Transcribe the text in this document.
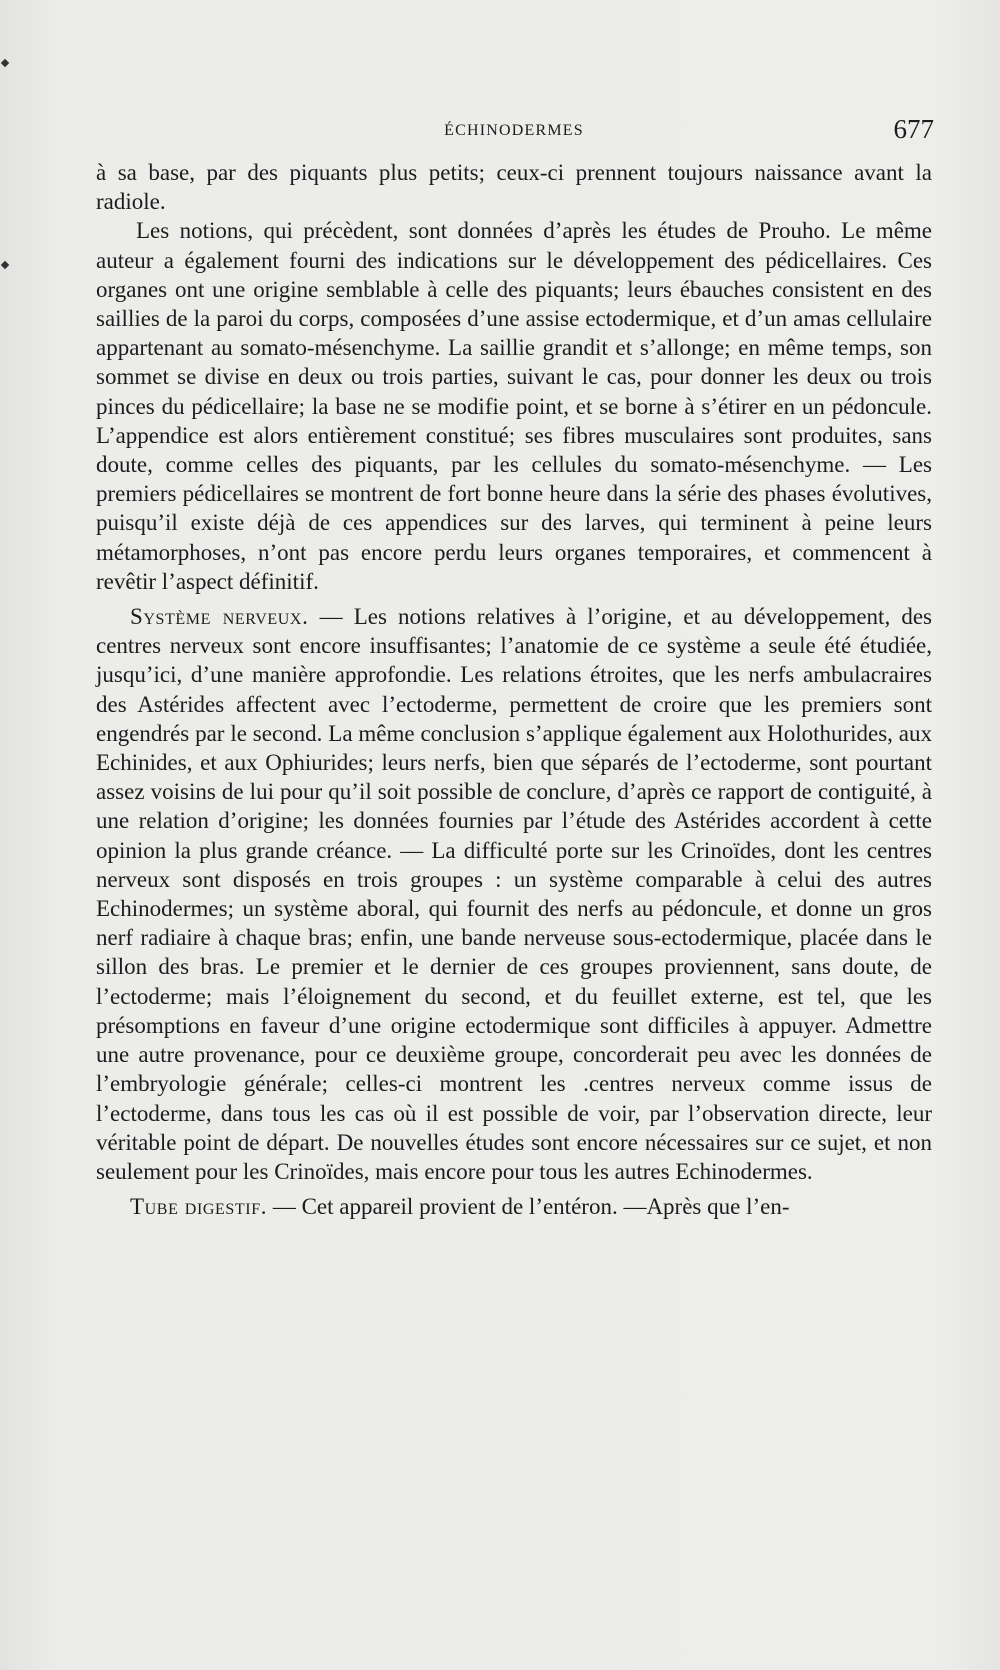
ÉCHINODERMES	677

à sa base, par des piquants plus petits; ceux-ci prennent toujours naissance avant la radiole.

Les notions, qui précèdent, sont données d’après les études de Prouho. Le même auteur a également fourni des indications sur le développement des pédicellaires. Ces organes ont une origine semblable à celle des piquants; leurs ébauches consistent en des saillies de la paroi du corps, composées d’une assise ectodermique, et d’un amas cellulaire appartenant au somato-mésenchyme. La saillie grandit et s’allonge; en même temps, son sommet se divise en deux ou trois parties, suivant le cas, pour donner les deux ou trois pinces du pédicellaire; la base ne se modifie point, et se borne à s’étirer en un pédoncule. L’appendice est alors entièrement constitué; ses fibres musculaires sont produites, sans doute, comme celles des piquants, par les cellules du somato-mésenchyme. — Les premiers pédicellaires se montrent de fort bonne heure dans la série des phases évolutives, puisqu’il existe déjà de ces appendices sur des larves, qui terminent à peine leurs métamorphoses, n’ont pas encore perdu leurs organes temporaires, et commencent à revêtir l’aspect définitif.

Système nerveux. — Les notions relatives à l’origine, et au développement, des centres nerveux sont encore insuffisantes; l’anatomie de ce système a seule été étudiée, jusqu’ici, d’une manière approfondie. Les relations étroites, que les nerfs ambulacraires des Astérides affectent avec l’ectoderme, permettent de croire que les premiers sont engendrés par le second. La même conclusion s’applique également aux Holothurides, aux Echinides, et aux Ophiurides; leurs nerfs, bien que séparés de l’ectoderme, sont pourtant assez voisins de lui pour qu’il soit possible de conclure, d’après ce rapport de contiguité, à une relation d’origine; les données fournies par l’étude des Astérides accordent à cette opinion la plus grande créance. — La difficulté porte sur les Crinoïdes, dont les centres nerveux sont disposés en trois groupes : un système comparable à celui des autres Echinodermes; un système aboral, qui fournit des nerfs au pédoncule, et donne un gros nerf radiaire à chaque bras; enfin, une bande nerveuse sous-ectodermique, placée dans le sillon des bras. Le premier et le dernier de ces groupes proviennent, sans doute, de l’ectoderme; mais l’éloignement du second, et du feuillet externe, est tel, que les présomptions en faveur d’une origine ectodermique sont difficiles à appuyer. Admettre une autre provenance, pour ce deuxième groupe, concorderait peu avec les données de l’embryologie générale; celles-ci montrent les .centres nerveux comme issus de l’ectoderme, dans tous les cas où il est possible de voir, par l’observation directe, leur véritable point de départ. De nouvelles études sont encore nécessaires sur ce sujet, et non seulement pour les Crinoïdes, mais encore pour tous les autres Echinodermes.

Tube digestif. — Cet appareil provient de l’entéron. —Après que l’en-
